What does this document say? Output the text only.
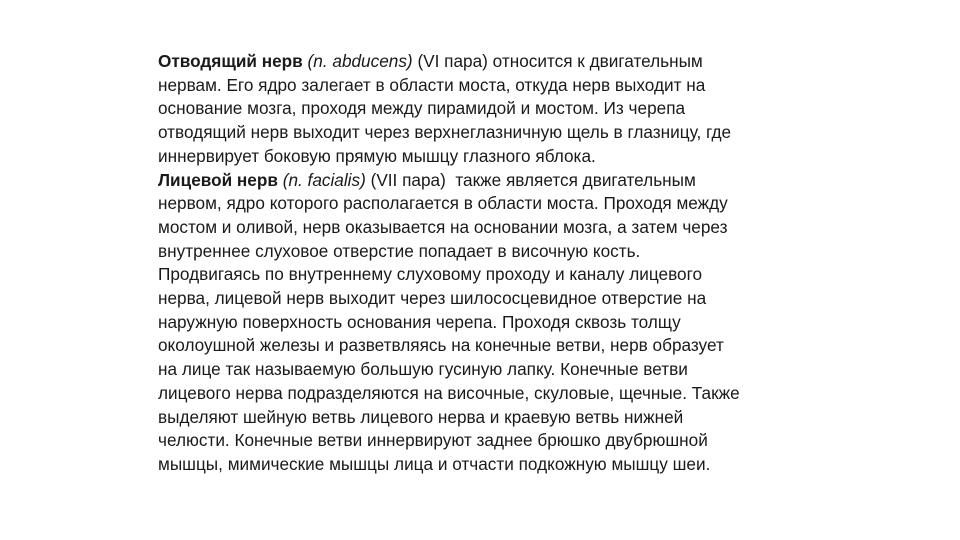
Отводящий нерв (n. abducens) (VI пара) относится к двигательным
нервам. Его ядро залегает в области моста, откуда нерв выходит на
основание мозга, проходя между пирамидой и мостом. Из черепа
отводящий нерв выходит через верхнеглазничную щель в глазницу, где
иннервирует боковую прямую мышцу глазного яблока.
Лицевой нерв (n. facialis) (VII пара)  также является двигательным
нервом, ядро которого располагается в области моста. Проходя между
мостом и оливой, нерв оказывается на основании мозга, а затем через
внутреннее слуховое отверстие попадает в височную кость.
Продвигаясь по внутреннему слуховому проходу и каналу лицевого
нерва, лицевой нерв выходит через шилососцевидное отверстие на
наружную поверхность основания черепа. Проходя сквозь толщу
околоушной железы и разветвляясь на конечные ветви, нерв образует
на лице так называемую большую гусиную лапку. Конечные ветви
лицевого нерва подразделяются на височные, скуловые, щечные. Также
выделяют шейную ветвь лицевого нерва и краевую ветвь нижней
челюсти. Конечные ветви иннервируют заднее брюшко двубрюшной
мышцы, мимические мышцы лица и отчасти подкожную мышцу шеи.
